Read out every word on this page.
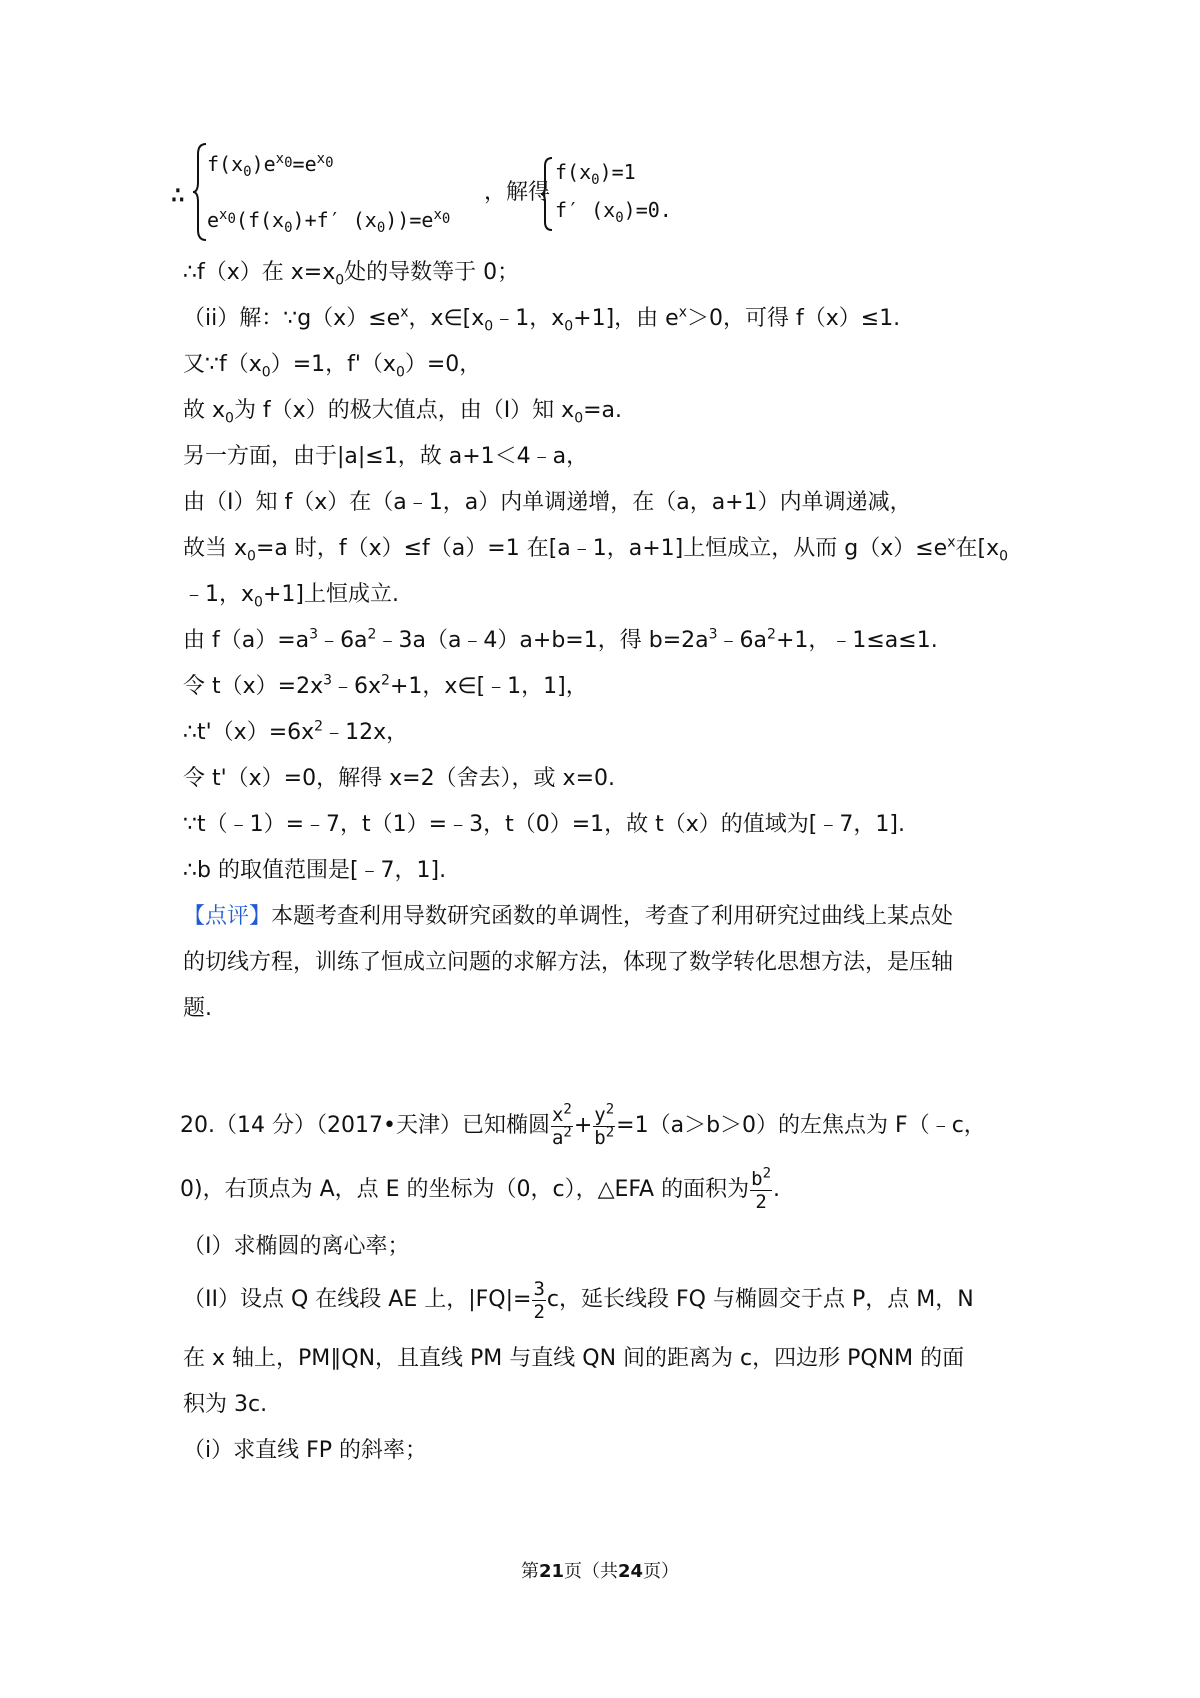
∴
$f(x_0)e^{x_0}=e^{x_0}$
$e^{x_0}(f(x_0)+f'$ $(x_0))=e^{x_0}$
，解得
$f(x_0)=1$
f′ $(x_0)=0$.
∴f（x）在 $x=x_0$处的导数等于 0；
（ii）解：$\because g(x)\le e^x$，$x\in[x_0﹣1$，$x_0+1$]，由 $e^x>0$，可得 f（x）≤1.
又$\because f(x_0)=1$，$f'(x_0)=0$，
故 $x_0$为 f（x）的极大值点，由（I）知 $x_0=a$.
另一方面，由于|a|≤1，故 a+1＜4﹣a，
由（Ⅰ）知 f（x）在（a﹣1，a）内单调递增，在（a，a+1）内单调递减，
故当 $x_0=a$ 时，f（x）≤f（a）=1 在[a﹣1，a+1]上恒成立，从而 $g(x)\le e^x$在[$x_0$
﹣1，$x_0+1$]上恒成立.
由 $f(a)=a^3﹣6a^2﹣3a(a﹣4)a+b=1$，得 $b=2a^3﹣6a^2+1$，﹣1≤a≤1.
令 $t(x)=2x^3﹣6x^2+1$，x∈[﹣1，1]，
$\therefore t'(x)=6x^2﹣12x$，
令 t'（x）=0，解得 x=2（舍去），或 x=0.
∵t（﹣1）=﹣7，t（1）=﹣3，t（0）=1，故 t（x）的值域为[﹣7，1].
∴b 的取值范围是[﹣7，1].
【点评】本题考查利用导数研究函数的单调性，考查了利用研究过曲线上某点处
的切线方程，训练了恒成立问题的求解方法，体现了数学转化思想方法，是压轴
题.
20.（14 分）（2017•天津）已知椭圆 $\frac{x^2}{a^2} + \frac{y^2}{b^2} =1(a>b>0)$的左焦点为 F（﹣c，
0)，右顶点为 A，点 E 的坐标为（0，c），△EFA 的面积为 $\frac{b^2}{2}$ .
（I）求椭圆的离心率；
（II）设点 Q 在线段 AE 上，$|FQ|= \frac{3}{2}$ c，延长线段 FQ 与椭圆交于点 P，点 M，N
在 x 轴上，PM∥QN，且直线 PM 与直线 QN 间的距离为 c，四边形 PQNM 的面
积为 3c.
（i）求直线 FP 的斜率；
第21页（共24页）
